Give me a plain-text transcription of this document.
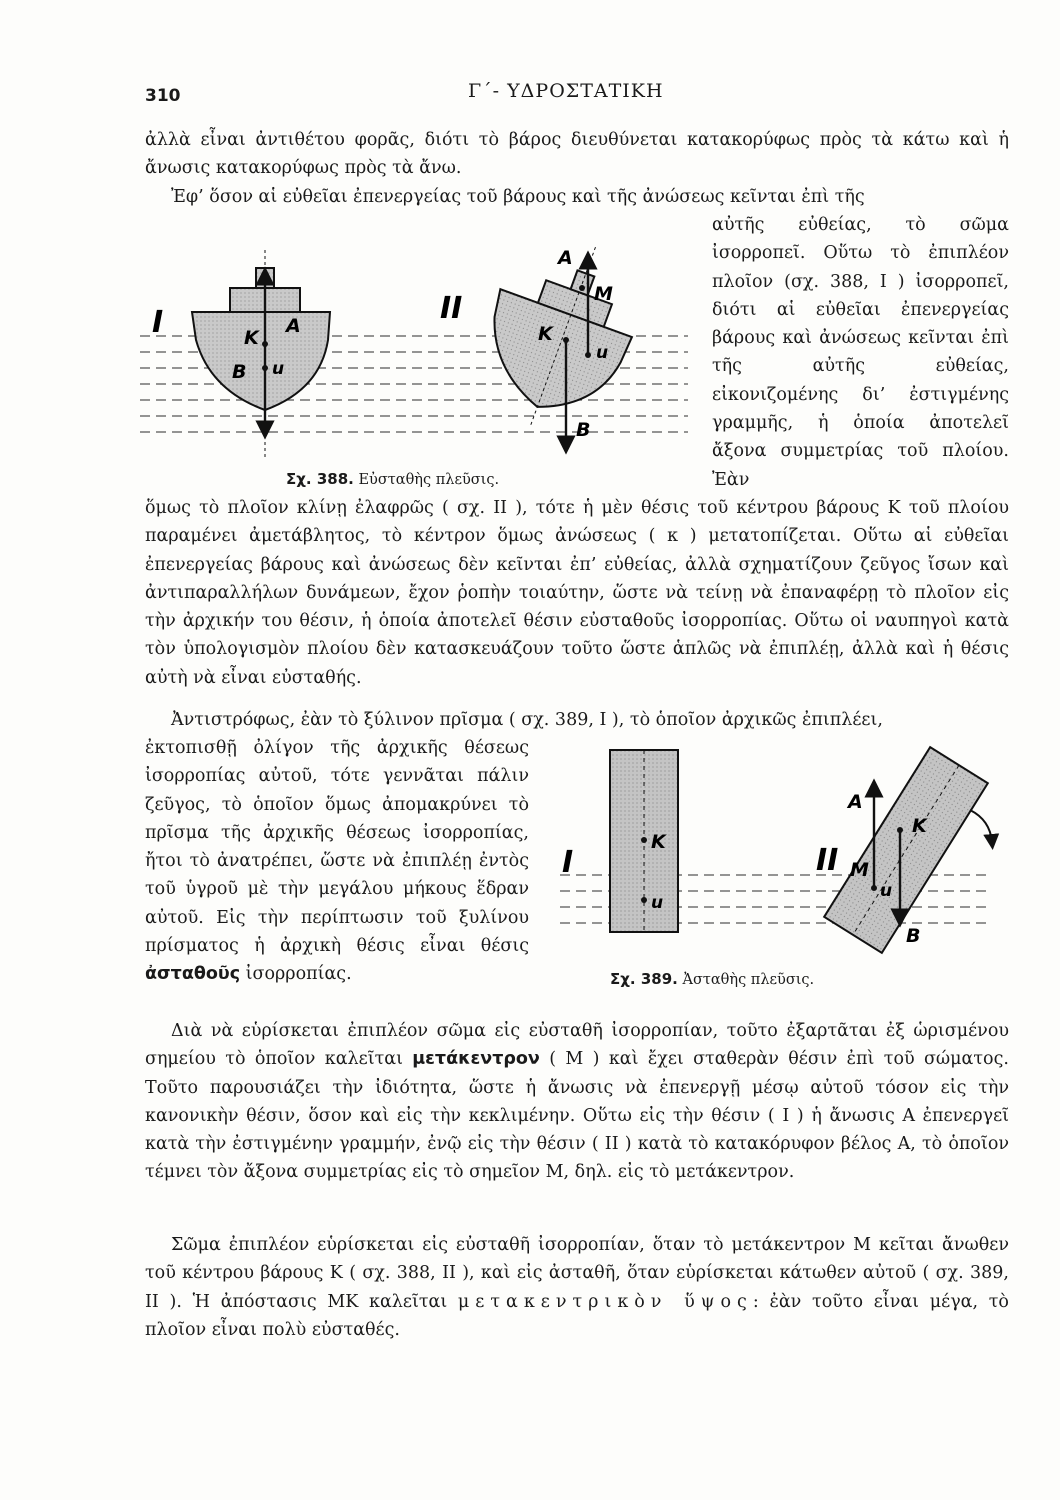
310	Γ΄- ΥΔΡΟΣΤΑΤΙΚΗ

ἀλλὰ εἶναι ἀντιθέτου φορᾶς, διότι τὸ βάρος διευθύνεται κατακορύφως πρὸς τὰ κάτω καὶ ἡ ἄνωσις κατακορύφως πρὸς τὰ ἄνω.

Ἐφ’ ὅσον αἱ εὐθεῖαι ἐπενεργείας τοῦ βάρους καὶ τῆς ἀνώσεως κεῖνται ἐπὶ τῆς

αὐτῆς εὐθείας, τὸ σῶμα ἰσορροπεῖ. Οὕτω τὸ ἐπιπλέον πλοῖον (σχ. 388, I ) ἰσορροπεῖ, διότι αἱ εὐθεῖαι ἐπενεργείας βάρους καὶ ἀνώσεως κεῖνται ἐπὶ τῆς αὐτῆς εὐθείας, εἰκονιζομένης δι’ ἐστιγμένης γραμμῆς, ἡ ὁποία ἀποτελεῖ ἄξονα συμμετρίας τοῦ πλοίου. Ἐὰν

I	K
A
B u
II
A
M
K
u
B
Σχ. 388. Εὐσταθὴς πλεῦσις.

ὅμως τὸ πλοῖον κλίνῃ ἐλαφρῶς ( σχ. II ), τότε ἡ μὲν θέσις τοῦ κέντρου βάρους Κ τοῦ πλοίου παραμένει ἀμετάβλητος, τὸ κέντρον ὅμως ἀνώσεως ( κ ) μετατοπίζεται. Οὕτω αἱ εὐθεῖαι ἐπενεργείας βάρους καὶ ἀνώσεως δὲν κεῖνται ἐπ’ εὐθείας, ἀλλὰ σχηματίζουν ζεῦγος ἴσων καὶ ἀντιπαραλλήλων δυνάμεων, ἔχον ῥοπὴν τοιαύτην, ὥστε νὰ τείνῃ νὰ ἐπαναφέρῃ τὸ πλοῖον εἰς τὴν ἀρχικήν του θέσιν, ἡ ὁποία ἀποτελεῖ θέσιν εὐσταθοῦς ἰσορροπίας. Οὕτω οἱ ναυπηγοὶ κατὰ τὸν ὑπολογισμὸν πλοίου δὲν κατασκευάζουν τοῦτο ὥστε ἁπλῶς νὰ ἐπιπλέῃ, ἀλλὰ καὶ ἡ θέσις αὐτὴ νὰ εἶναι εὐσταθής.

Ἀντιστρόφως, ἐὰν τὸ ξύλινον πρῖσμα ( σχ. 389, I ), τὸ ὁποῖον ἀρχικῶς ἐπιπλέει,

ἐκτοπισθῇ ὀλίγον τῆς ἀρχικῆς θέσεως ἰσορροπίας αὐτοῦ, τότε γεννᾶται πάλιν ζεῦγος, τὸ ὁποῖον ὅμως ἀπομακρύνει τὸ πρῖσμα τῆς ἀρχικῆς θέσεως ἰσορροπίας, ἤτοι τὸ ἀνατρέπει, ὥστε νὰ ἐπιπλέῃ ἐντὸς τοῦ ὑγροῦ μὲ τὴν μεγάλου μήκους ἕδραν αὐτοῦ. Εἰς τὴν περίπτωσιν τοῦ ξυλίνου πρίσματος ἡ ἀρχικὴ θέσις εἶναι θέσις ἀσταθοῦς ἰσορροπίας.

I
K
u
II
A
K
M
u
B
Σχ. 389. Ἀσταθὴς πλεῦσις.

Διὰ νὰ εὑρίσκεται ἐπιπλέον σῶμα εἰς εὐσταθῆ ἰσορροπίαν, τοῦτο ἐξαρτᾶται ἐξ ὡρισμένου σημείου τὸ ὁποῖον καλεῖται μετάκεντρον ( Μ ) καὶ ἔχει σταθερὰν θέσιν ἐπὶ τοῦ σώματος. Τοῦτο παρουσιάζει τὴν ἰδιότητα, ὥστε ἡ ἄνωσις νὰ ἐπενεργῇ μέσῳ αὐτοῦ τόσον εἰς τὴν κανονικὴν θέσιν, ὅσον καὶ εἰς τὴν κεκλιμένην. Οὕτω εἰς τὴν θέσιν ( I ) ἡ ἄνωσις Α ἐπενεργεῖ κατὰ τὴν ἐστιγμένην γραμμήν, ἐνῷ εἰς τὴν θέσιν ( II ) κατὰ τὸ κατακόρυφον βέλος Α, τὸ ὁποῖον τέμνει τὸν ἄξονα συμμετρίας εἰς τὸ σημεῖον Μ, δηλ. εἰς τὸ μετάκεντρον.

Σῶμα ἐπιπλέον εὑρίσκεται εἰς εὐσταθῆ ἰσορροπίαν, ὅταν τὸ μετάκεντρον Μ κεῖται ἄνωθεν τοῦ κέντρου βάρους Κ ( σχ. 388, II ), καὶ εἰς ἀσταθῆ, ὅταν εὑρίσκεται κάτωθεν αὐτοῦ ( σχ. 389, II ). Ἡ ἀπόστασις ΜΚ καλεῖται μετακεντρικὸν ὕψος: ἐὰν τοῦτο εἶναι μέγα, τὸ πλοῖον εἶναι πολὺ εὐσταθές.
